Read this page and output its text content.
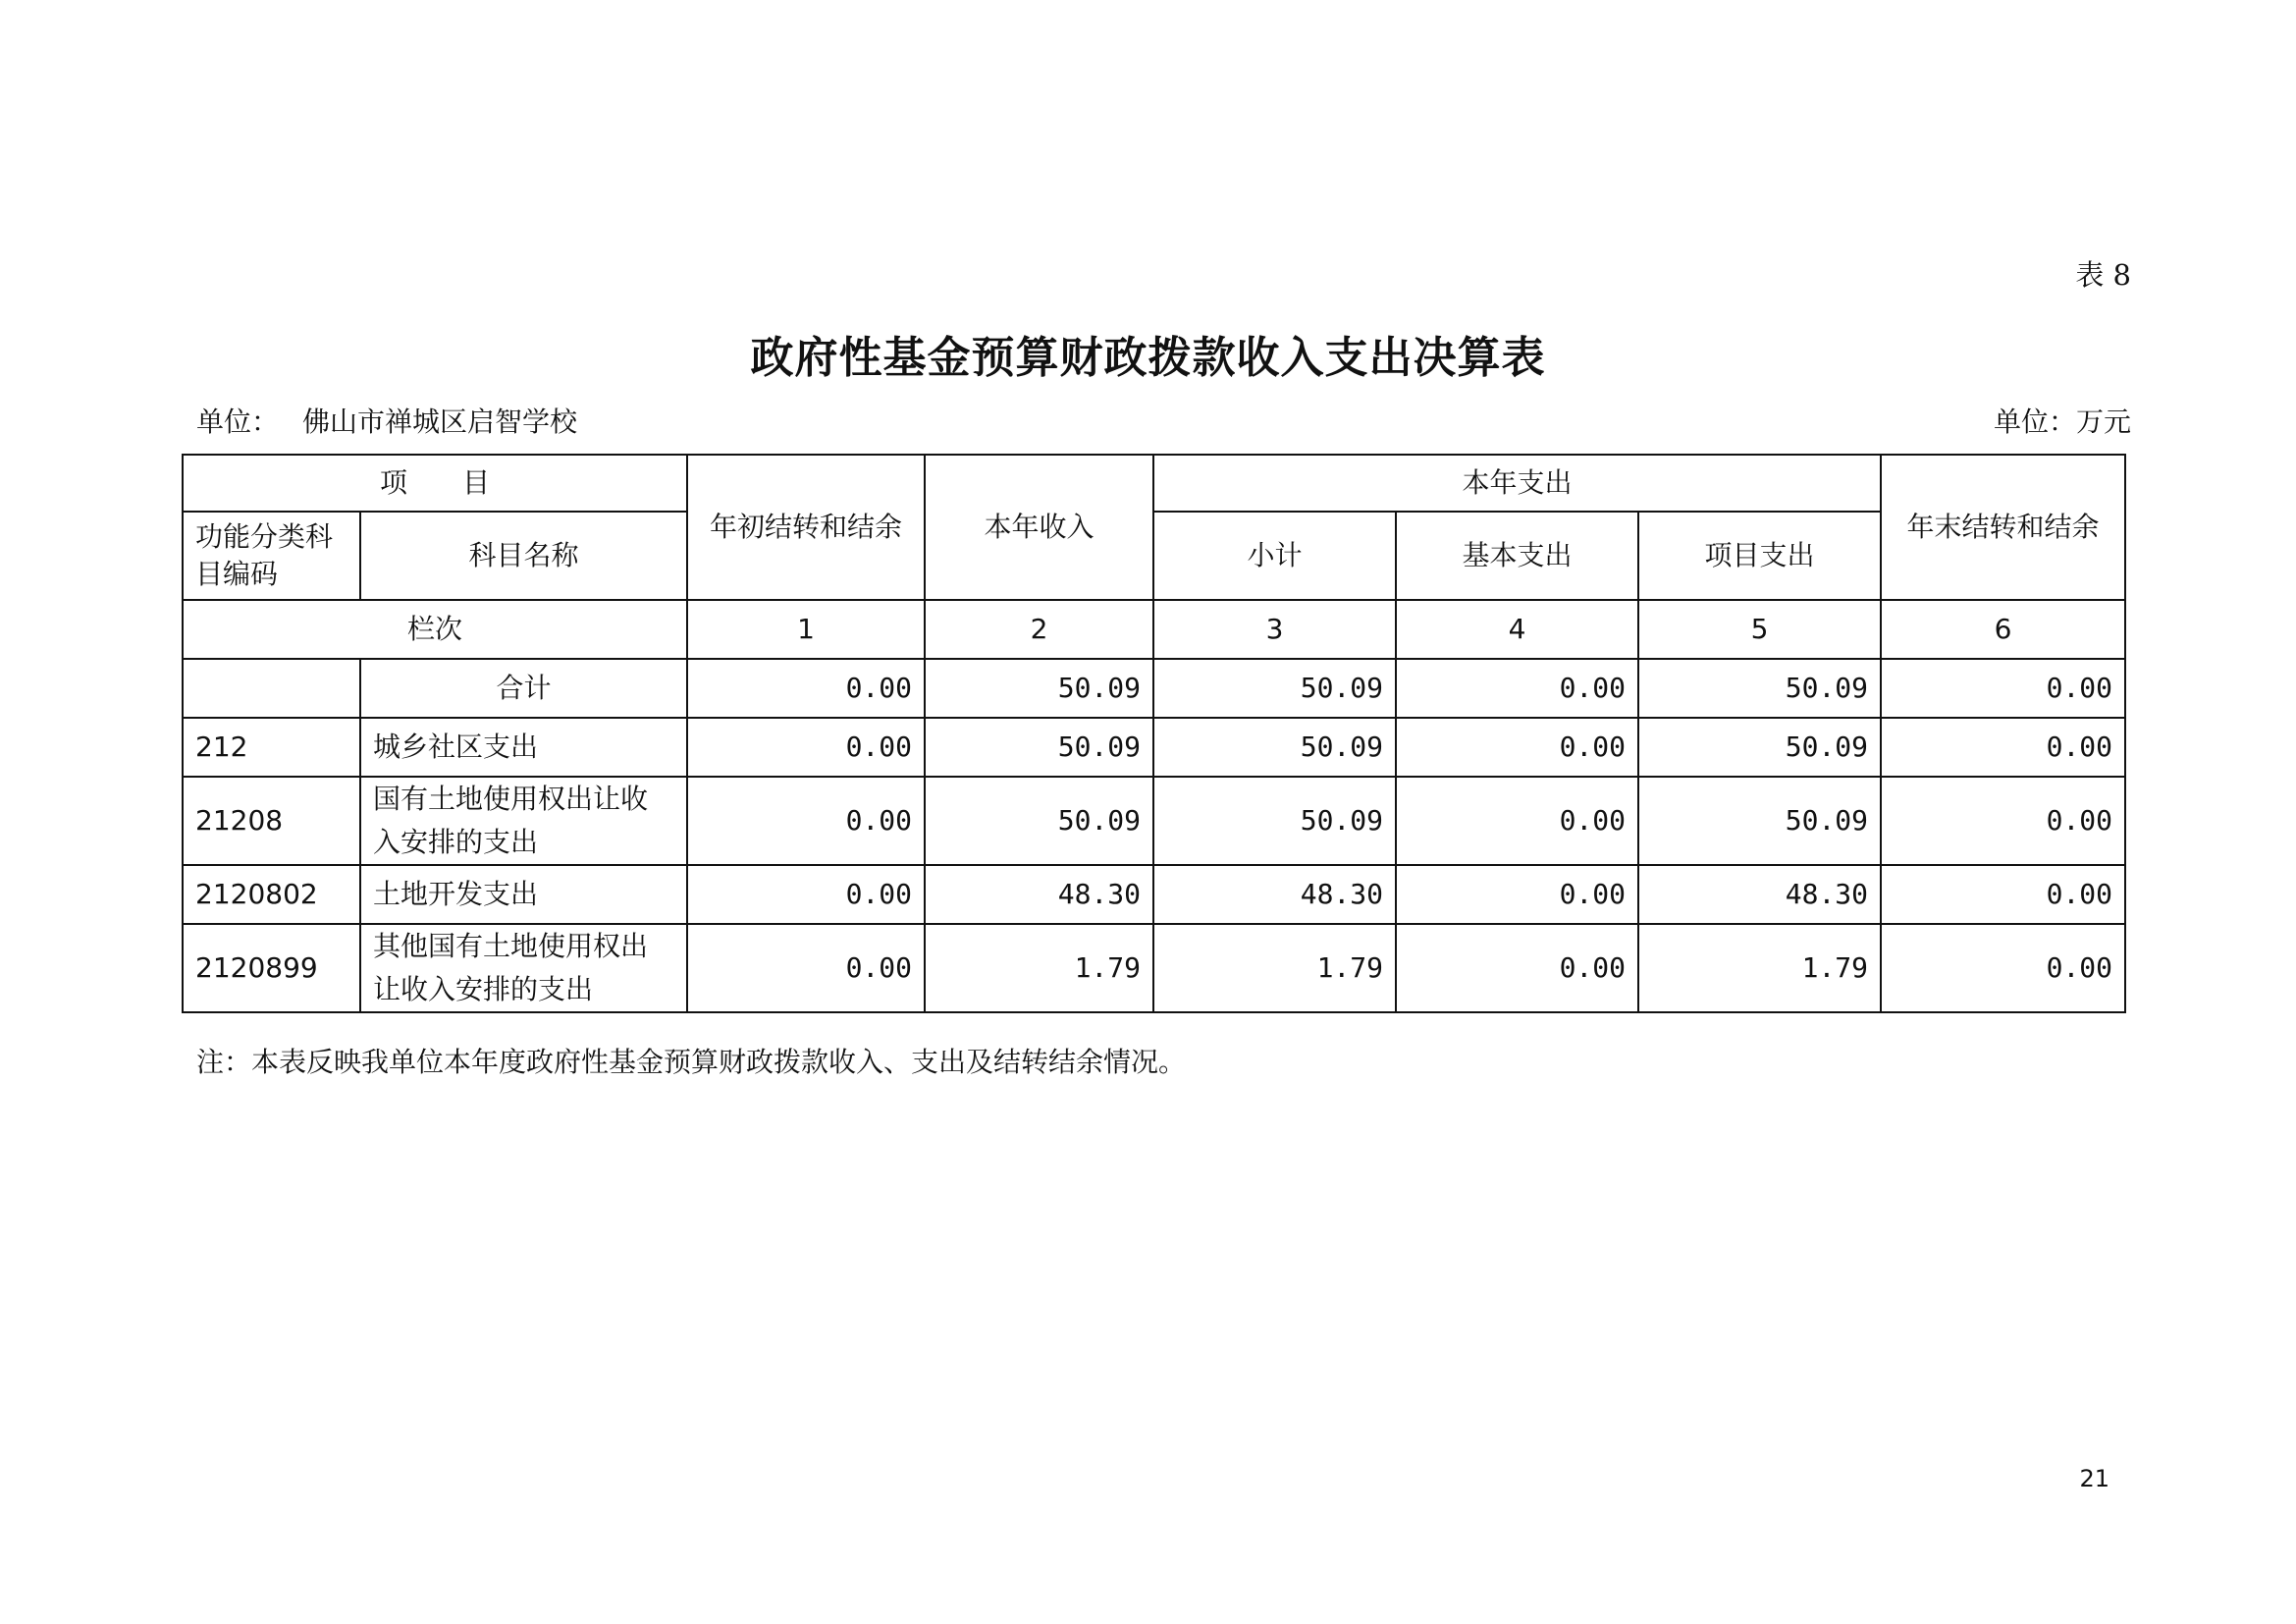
表 8
政府性基金预算财政拨款收入支出决算表
单位： 佛山市禅城区启智学校	单位：万元
项　　目		年初结转和结余	本年收入	本年支出			年末结转和结余
功能分类科目编码	科目名称			小计	基本支出	项目支出	
栏次		1	2	3	4	5	6
	合计	0.00	50.09	50.09	0.00	50.09	0.00
212	城乡社区支出	0.00	50.09	50.09	0.00	50.09	0.00
21208	国有土地使用权出让收入安排的支出	0.00	50.09	50.09	0.00	50.09	0.00
2120802	土地开发支出	0.00	48.30	48.30	0.00	48.30	0.00
2120899	其他国有土地使用权出让收入安排的支出	0.00	1.79	1.79	0.00	1.79	0.00
注：本表反映我单位本年度政府性基金预算财政拨款收入、支出及结转结余情况。
21
